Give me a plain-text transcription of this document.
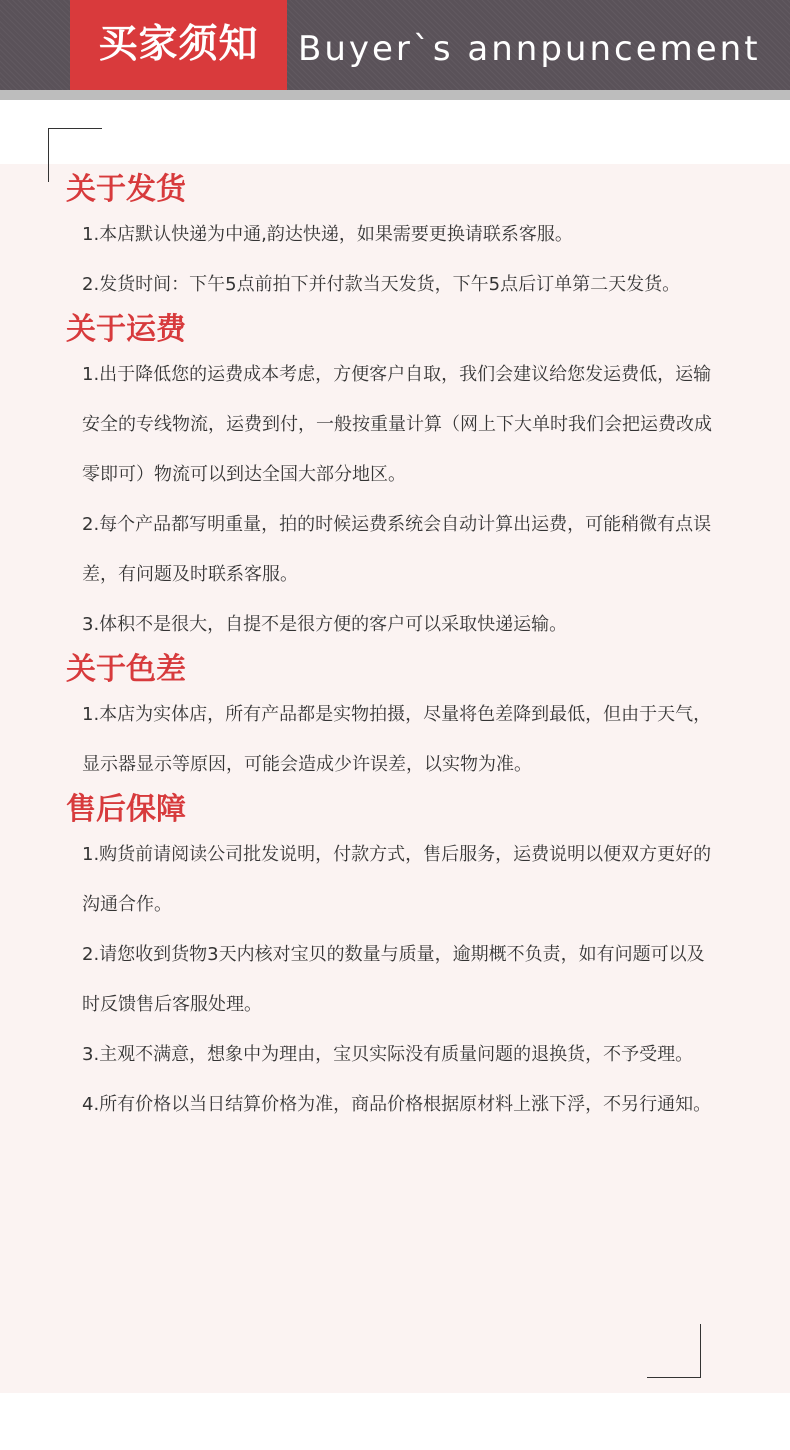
买家须知	Buyer`s annpuncement
关于发货

1.本店默认快递为中通,韵达快递，如果需要更换请联系客服。

2.发货时间：下午5点前拍下并付款当天发货，下午5点后订单第二天发货。

关于运费

1.出于降低您的运费成本考虑，方便客户自取，我们会建议给您发运费低，运输安全的专线物流，运费到付，一般按重量计算（网上下大单时我们会把运费改成零即可）物流可以到达全国大部分地区。

2.每个产品都写明重量，拍的时候运费系统会自动计算出运费，可能稍微有点误差，有问题及时联系客服。

3.体积不是很大，自提不是很方便的客户可以采取快递运输。

关于色差

1.本店为实体店，所有产品都是实物拍摄，尽量将色差降到最低，但由于天气，显示器显示等原因，可能会造成少许误差，以实物为准。

售后保障

1.购货前请阅读公司批发说明，付款方式，售后服务，运费说明以便双方更好的沟通合作。

2.请您收到货物3天内核对宝贝的数量与质量，逾期概不负责，如有问题可以及时反馈售后客服处理。

3.主观不满意，想象中为理由，宝贝实际没有质量问题的退换货，不予受理。

4.所有价格以当日结算价格为准，商品价格根据原材料上涨下浮，不另行通知。
